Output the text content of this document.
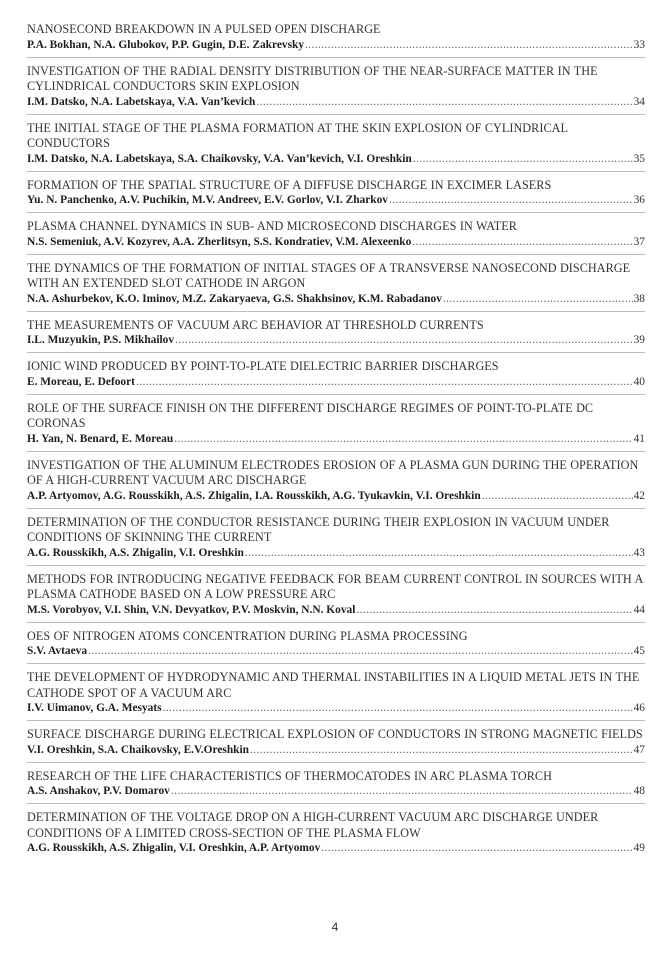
NANOSECOND BREAKDOWN IN A PULSED OPEN DISCHARGE
P.A. Bokhan, N.A. Glubokov, P.P. Gugin, D.E. Zakrevsky .....	33
INVESTIGATION OF THE RADIAL DENSITY DISTRIBUTION OF THE NEAR-SURFACE MATTER IN THE CYLINDRICAL CONDUCTORS SKIN EXPLOSION
I.M. Datsko, N.A. Labetskaya, V.A. Van’kevich .....	34
THE INITIAL STAGE OF THE PLASMA FORMATION AT THE SKIN EXPLOSION OF CYLINDRICAL CONDUCTORS
I.M. Datsko, N.A. Labetskaya, S.A. Chaikovsky, V.A. Van’kevich, V.I. Oreshkin .....	35
FORMATION OF THE SPATIAL STRUCTURE OF A DIFFUSE DISCHARGE IN EXCIMER LASERS
Yu. N. Panchenko, A.V. Puchikin, M.V. Andreev, E.V. Gorlov, V.I. Zharkov .....	36
PLASMA CHANNEL DYNAMICS IN SUB- AND MICROSECOND DISCHARGES IN WATER
N.S. Semeniuk, A.V. Kozyrev, A.A. Zherlitsyn, S.S. Kondratiev, V.M. Alexeenko .....	37
THE DYNAMICS OF THE FORMATION OF INITIAL STAGES OF A TRANSVERSE NANOSECOND DISCHARGE WITH AN EXTENDED SLOT CATHODE IN ARGON
N.A. Ashurbekov, K.O. Iminov, M.Z. Zakaryaeva, G.S. Shakhsinov, K.M. Rabadanov .....	38
THE MEASUREMENTS OF VACUUM ARC BEHAVIOR AT THRESHOLD CURRENTS
I.L. Muzyukin, P.S. Mikhailov .....	39
IONIC WIND PRODUCED BY POINT-TO-PLATE DIELECTRIC BARRIER DISCHARGES
E. Moreau, E. Defoort .....	40
ROLE OF THE SURFACE FINISH ON THE DIFFERENT DISCHARGE REGIMES OF POINT-TO-PLATE DC CORONAS
H. Yan, N. Benard, E. Moreau .....	41
INVESTIGATION OF THE ALUMINUM ELECTRODES EROSION OF A PLASMA GUN DURING THE OPERATION OF A HIGH-CURRENT VACUUM ARC DISCHARGE
A.P. Artyomov, A.G. Rousskikh, A.S. Zhigalin, I.A. Rousskikh, A.G. Tyukavkin, V.I. Oreshkin .....	42
DETERMINATION OF THE CONDUCTOR RESISTANCE DURING THEIR EXPLOSION IN VACUUM UNDER CONDITIONS OF SKINNING THE CURRENT
A.G. Rousskikh, A.S. Zhigalin, V.I. Oreshkin .....	43
METHODS FOR INTRODUCING NEGATIVE FEEDBACK FOR BEAM CURRENT CONTROL IN SOURCES WITH A PLASMA CATHODE BASED ON A LOW PRESSURE ARC
M.S. Vorobyov, V.I. Shin, V.N. Devyatkov, P.V. Moskvin, N.N. Koval .....	44
OES OF NITROGEN ATOMS CONCENTRATION DURING PLASMA PROCESSING
S.V. Avtaeva .....	45
THE DEVELOPMENT OF HYDRODYNAMIC AND THERMAL INSTABILITIES IN A LIQUID METAL JETS IN THE CATHODE SPOT OF A VACUUM ARC
I.V. Uimanov, G.A. Mesyats .....	46
SURFACE DISCHARGE DURING ELECTRICAL EXPLOSION OF CONDUCTORS IN STRONG MAGNETIC FIELDS
V.I. Oreshkin, S.A. Chaikovsky, E.V.Oreshkin .....	47
RESEARCH OF THE LIFE CHARACTERISTICS OF THERMOCATODES IN ARC PLASMA TORCH
A.S. Anshakov, P.V. Domarov .....	48
DETERMINATION OF THE VOLTAGE DROP ON A HIGH-CURRENT VACUUM ARC DISCHARGE UNDER CONDITIONS OF A LIMITED CROSS-SECTION OF THE PLASMA FLOW
A.G. Rousskikh, A.S. Zhigalin, V.I. Oreshkin, A.P. Artyomov .....	49
4
